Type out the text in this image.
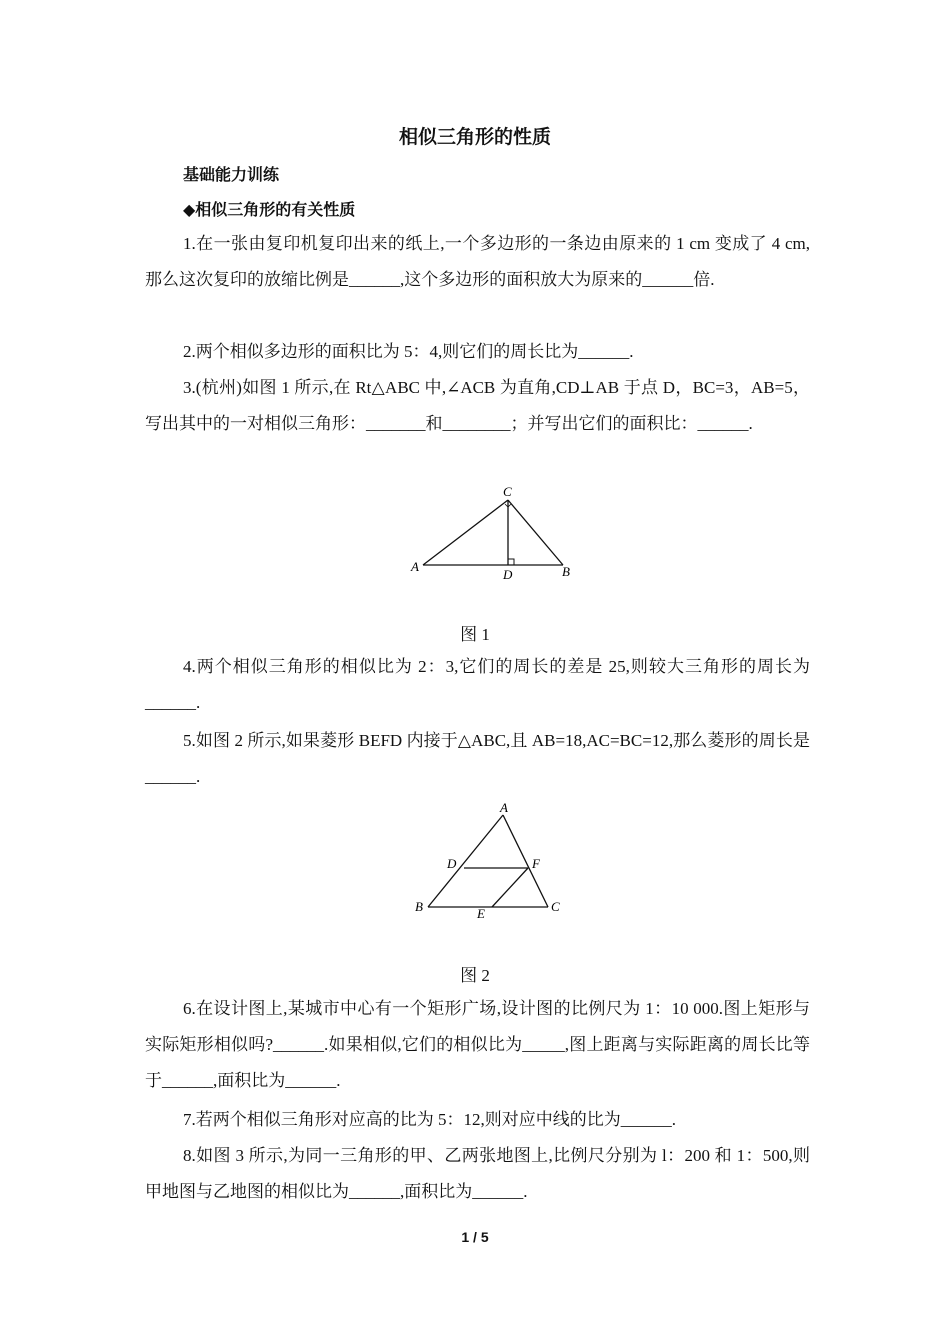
相似三角形的性质
基础能力训练
◆相似三角形的有关性质
1.在一张由复印机复印出来的纸上,一个多边形的一条边由原来的 1 cm 变成了 4 cm,那么这次复印的放缩比例是______,这个多边形的面积放大为原来的______倍.
2.两个相似多边形的面积比为 5：4,则它们的周长比为______.
3.(杭州)如图 1 所示,在 Rt△ABC 中,∠ACB 为直角,CD⊥AB 于点 D，BC=3，AB=5，写出其中的一对相似三角形：_______和________；并写出它们的面积比：______.
C
A
D	B
图 1
4.两个相似三角形的相似比为 2：3,它们的周长的差是 25,则较大三角形的周长为______.
5.如图 2 所示,如果菱形 BEFD 内接于△ABC,且 AB=18,AC=BC=12,那么菱形的周长是______.
A
D	F
B	E	C
图 2
6.在设计图上,某城市中心有一个矩形广场,设计图的比例尺为 1：10 000.图上矩形与实际矩形相似吗?______.如果相似,它们的相似比为_____,图上距离与实际距离的周长比等于______,面积比为______.
7.若两个相似三角形对应高的比为 5：12,则对应中线的比为______.
8.如图 3 所示,为同一三角形的甲、乙两张地图上,比例尺分别为 l：200 和 1：500,则甲地图与乙地图的相似比为______,面积比为______.
1 / 5
